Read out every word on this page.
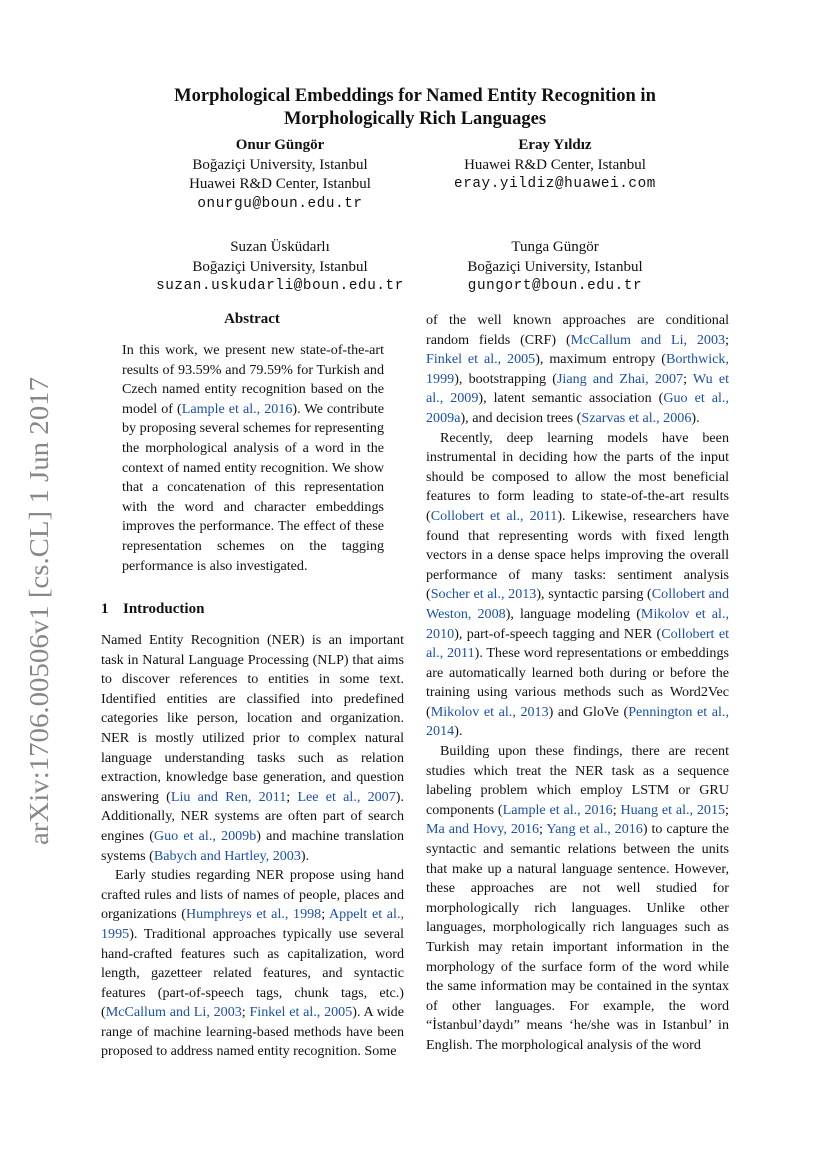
arXiv:1706.00506v1 [cs.CL] 1 Jun 2017
Morphological Embeddings for Named Entity Recognition in
Morphologically Rich Languages
Onur Güngör
Boğaziçi University, Istanbul
Huawei R&D Center, Istanbul
onurgu@boun.edu.tr
Eray Yıldız
Huawei R&D Center, Istanbul
eray.yildiz@huawei.com
Suzan Üsküdarlı
Boğaziçi University, Istanbul
suzan.uskudarli@boun.edu.tr
Tunga Güngör
Boğaziçi University, Istanbul
gungort@boun.edu.tr
Abstract
In this work, we present new state-of-the-art results of 93.59% and 79.59% for Turkish and Czech named entity recognition based on the model of (Lample et al., 2016). We contribute by proposing several schemes for representing the morphological analysis of a word in the context of named entity recognition. We show that a concatenation of this representation with the word and character embeddings improves the performance. The effect of these representation schemes on the tagging performance is also investigated.
1 Introduction

Named Entity Recognition (NER) is an important task in Natural Language Processing (NLP) that aims to discover references to entities in some text. Identified entities are classified into predefined categories like person, location and organization. NER is mostly utilized prior to complex natural language understanding tasks such as relation extraction, knowledge base generation, and question answering (Liu and Ren, 2011; Lee et al., 2007). Additionally, NER systems are often part of search engines (Guo et al., 2009b) and machine translation systems (Babych and Hartley, 2003).

Early studies regarding NER propose using hand crafted rules and lists of names of people, places and organizations (Humphreys et al., 1998; Appelt et al., 1995). Traditional approaches typically use several hand-crafted features such as capitalization, word length, gazetteer related features, and syntactic features (part-of-speech tags, chunk tags, etc.) (McCallum and Li, 2003; Finkel et al., 2005). A wide range of machine learning-based methods have been proposed to address named entity recognition. Some

of the well known approaches are conditional random fields (CRF) (McCallum and Li, 2003; Finkel et al., 2005), maximum entropy (Borthwick, 1999), bootstrapping (Jiang and Zhai, 2007; Wu et al., 2009), latent semantic association (Guo et al., 2009a), and decision trees (Szarvas et al., 2006).

Recently, deep learning models have been instrumental in deciding how the parts of the input should be composed to allow the most beneficial features to form leading to state-of-the-art results (Collobert et al., 2011). Likewise, researchers have found that representing words with fixed length vectors in a dense space helps improving the overall performance of many tasks: sentiment analysis (Socher et al., 2013), syntactic parsing (Collobert and Weston, 2008), language modeling (Mikolov et al., 2010), part-of-speech tagging and NER (Collobert et al., 2011). These word representations or embeddings are automatically learned both during or before the training using various methods such as Word2Vec (Mikolov et al., 2013) and GloVe (Pennington et al., 2014).

Building upon these findings, there are recent studies which treat the NER task as a sequence labeling problem which employ LSTM or GRU components (Lample et al., 2016; Huang et al., 2015; Ma and Hovy, 2016; Yang et al., 2016) to capture the syntactic and semantic relations between the units that make up a natural language sentence. However, these approaches are not well studied for morphologically rich languages. Unlike other languages, morphologically rich languages such as Turkish may retain important information in the morphology of the surface form of the word while the same information may be contained in the syntax of other languages. For example, the word “İstanbul’daydı” means ‘he/she was in Istanbul’ in English. The morphological analysis of the word
